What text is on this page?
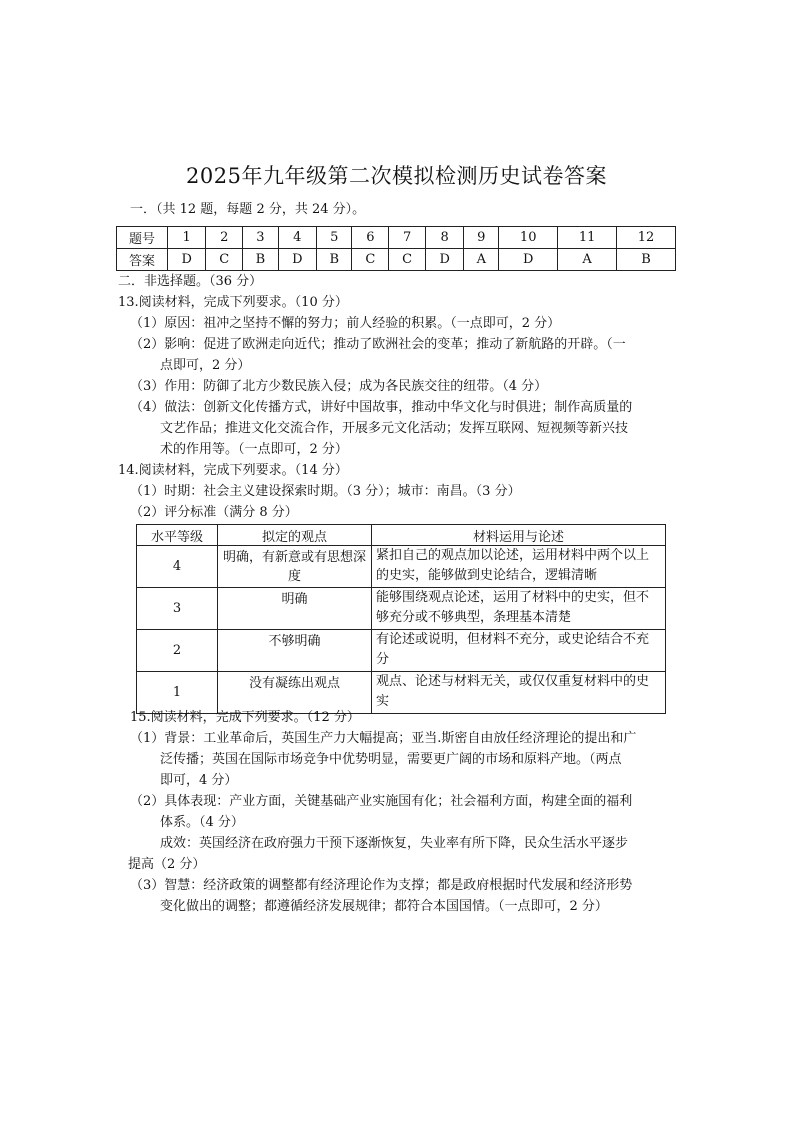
2025年九年级第二次模拟检测历史试卷答案
一．（共 12 题，每题 2 分，共 24 分）。
题号	1	2	3	4	5	6	7	8	9	10	11	12
答案	D	C	B	D	B	C	C	D	A	D	A	B
二．非选择题。（36 分）
13.阅读材料，完成下列要求。（10 分）
（1）原因：祖冲之坚持不懈的努力；前人经验的积累。（一点即可，2 分）
（2）影响：促进了欧洲走向近代；推动了欧洲社会的变革；推动了新航路的开辟。（一
点即可，2 分）
（3）作用：防御了北方少数民族入侵；成为各民族交往的纽带。（4 分）
（4）做法：创新文化传播方式，讲好中国故事，推动中华文化与时俱进；制作高质量的
文艺作品；推进文化交流合作，开展多元文化活动；发挥互联网、短视频等新兴技
术的作用等。（一点即可，2 分）
14.阅读材料，完成下列要求。（14 分）
（1）时期：社会主义建设探索时期。（3 分）；城市：南昌。（3 分）
（2）评分标准（满分 8 分）
水平等级	拟定的观点	材料运用与论述
4	明确，有新意或有思想深度	紧扣自己的观点加以论述，运用材料中两个以上的史实，能够做到史论结合，逻辑清晰
3	明确	能够围绕观点论述，运用了材料中的史实，但不够充分或不够典型，条理基本清楚
2	不够明确	有论述或说明，但材料不充分，或史论结合不充分
1	没有凝练出观点	观点、论述与材料无关，或仅仅重复材料中的史实
15.阅读材料，完成下列要求。（12 分）
（1）背景：工业革命后，英国生产力大幅提高；亚当.斯密自由放任经济理论的提出和广
泛传播；英国在国际市场竞争中优势明显，需要更广阔的市场和原料产地。（两点
即可，4 分）
（2）具体表现：产业方面，关键基础产业实施国有化；社会福利方面，构建全面的福利
体系。（4 分）
成效：英国经济在政府强力干预下逐渐恢复，失业率有所下降，民众生活水平逐步
提高（2 分）
（3）智慧：经济政策的调整都有经济理论作为支撑；都是政府根据时代发展和经济形势
变化做出的调整；都遵循经济发展规律；都符合本国国情。（一点即可，2 分）
